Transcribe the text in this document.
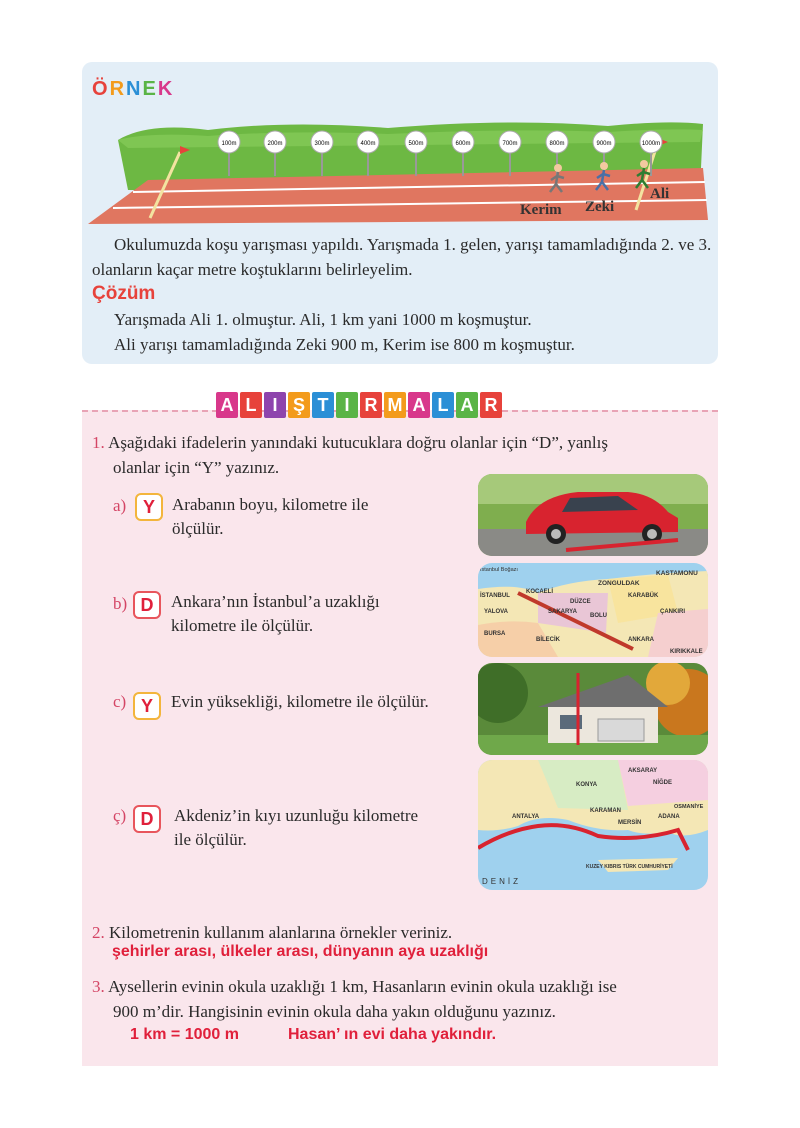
ÖRNEK
100m	200m	300m	400m	500m	600m	700m	800m	900m	1000m
Kerim Zeki
Ali
Okulumuzda koşu yarışması yapıldı. Yarışmada 1. gelen, yarışı tamamladığında 2. ve 3. olanların kaçar metre koştuklarını belirleyelim.
Çözüm
Yarışmada Ali 1. olmuştur. Ali, 1 km yani 1000 m koşmuştur.
Ali yarışı tamamladığında Zeki 900 m, Kerim ise 800 m koşmuştur.
A L I Ş T I R M A L A R
1. Aşağıdaki ifadelerin yanındaki kutucuklara doğru olanlar için “D”, yanlış
olanlar için “Y” yazınız.
a) Y	Arabanın boyu, kilometre ile ölçülür.
b) D	Ankara’nın İstanbul’a uzaklığı kilometre ile ölçülür.
c) Y	Evin yüksekliği, kilometre ile ölçülür.
ç) D	Akdeniz’in kıyı uzunluğu kilometre ile ölçülür.
İstanbul Boğazı
ZONGULDAK
KASTAMONU
İSTANBUL
KOCAELİ
DÜZCE
KARABÜK
YALOVA	SAKARYA
BOLU
ÇANKIRI
BURSA
BİLECİK	ANKARA
KIRIKKALE
KONYA
AKSARAY
NİĞDE
KARAMAN
MERSİN
ADANA
OSMANİYE
ANTALYA
KUZEY KIBRIS TÜRK CUMHURİYETİ
DENİZ
2. Kilometrenin kullanım alanlarına örnekler veriniz.
şehirler arası, ülkeler arası, dünyanın aya uzaklığı
3. Aysellerin evinin okula uzaklığı 1 km, Hasanların evinin okula uzaklığı ise
900 m’dir. Hangisinin evinin okula daha yakın olduğunu yazınız.
1 km = 1000 m	Hasan’ ın evi daha yakındır.
